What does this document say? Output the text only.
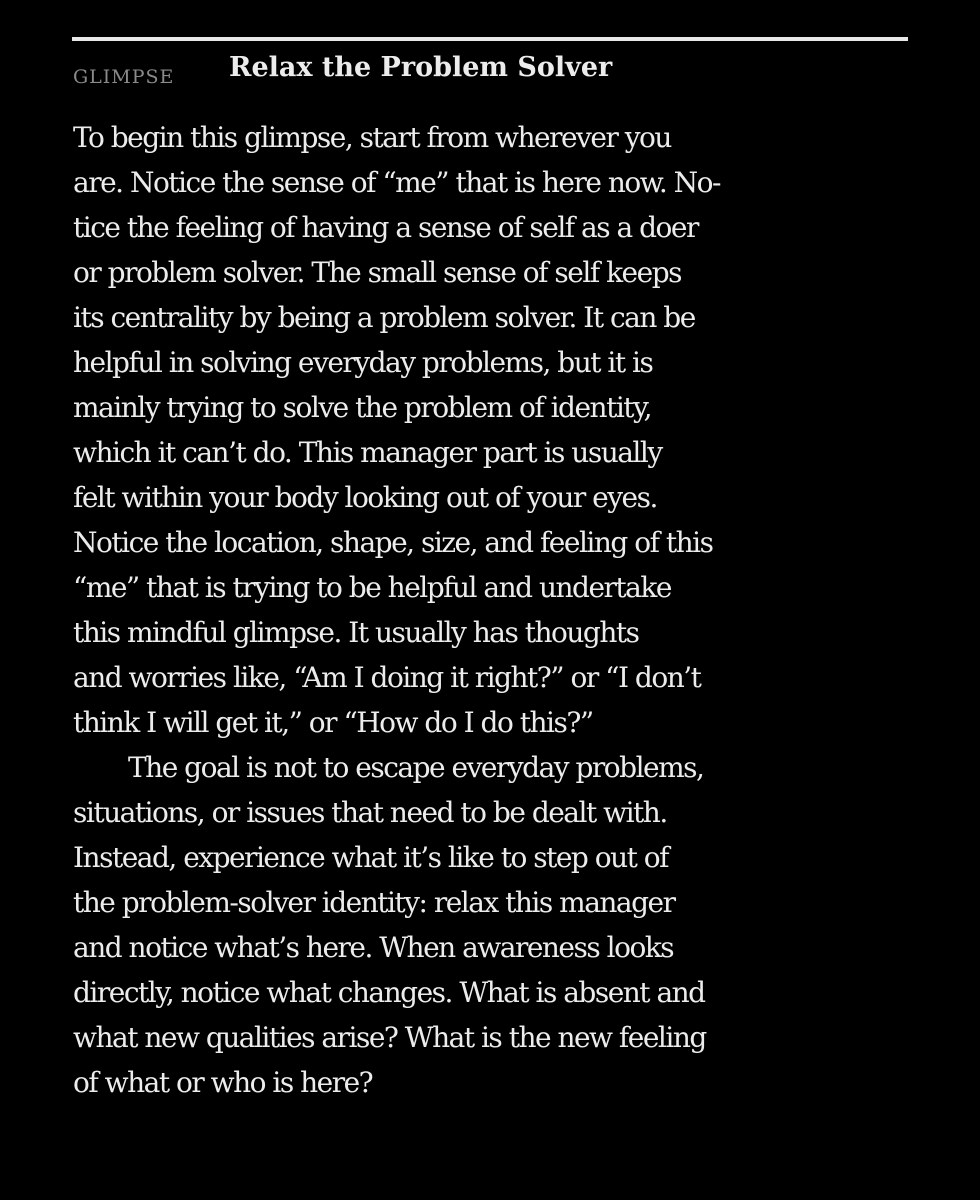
GLIMPSE Relax the Problem Solver
To begin this glimpse, start from wherever you
are. Notice the sense of “me” that is here now. No-
tice the feeling of having a sense of self as a doer
or problem solver. The small sense of self keeps
its centrality by being a problem solver. It can be
helpful in solving everyday problems, but it is
mainly trying to solve the problem of identity,
which it can’t do. This manager part is usually
felt within your body looking out of your eyes.
Notice the location, shape, size, and feeling of this
“me” that is trying to be helpful and undertake
this mindful glimpse. It usually has thoughts
and worries like, “Am I doing it right?” or “I don’t
think I will get it,” or “How do I do this?”
The goal is not to escape everyday problems,
situations, or issues that need to be dealt with.
Instead, experience what it’s like to step out of
the problem-solver identity: relax this manager
and notice what’s here. When awareness looks
directly, notice what changes. What is absent and
what new qualities arise? What is the new feeling
of what or who is here?
